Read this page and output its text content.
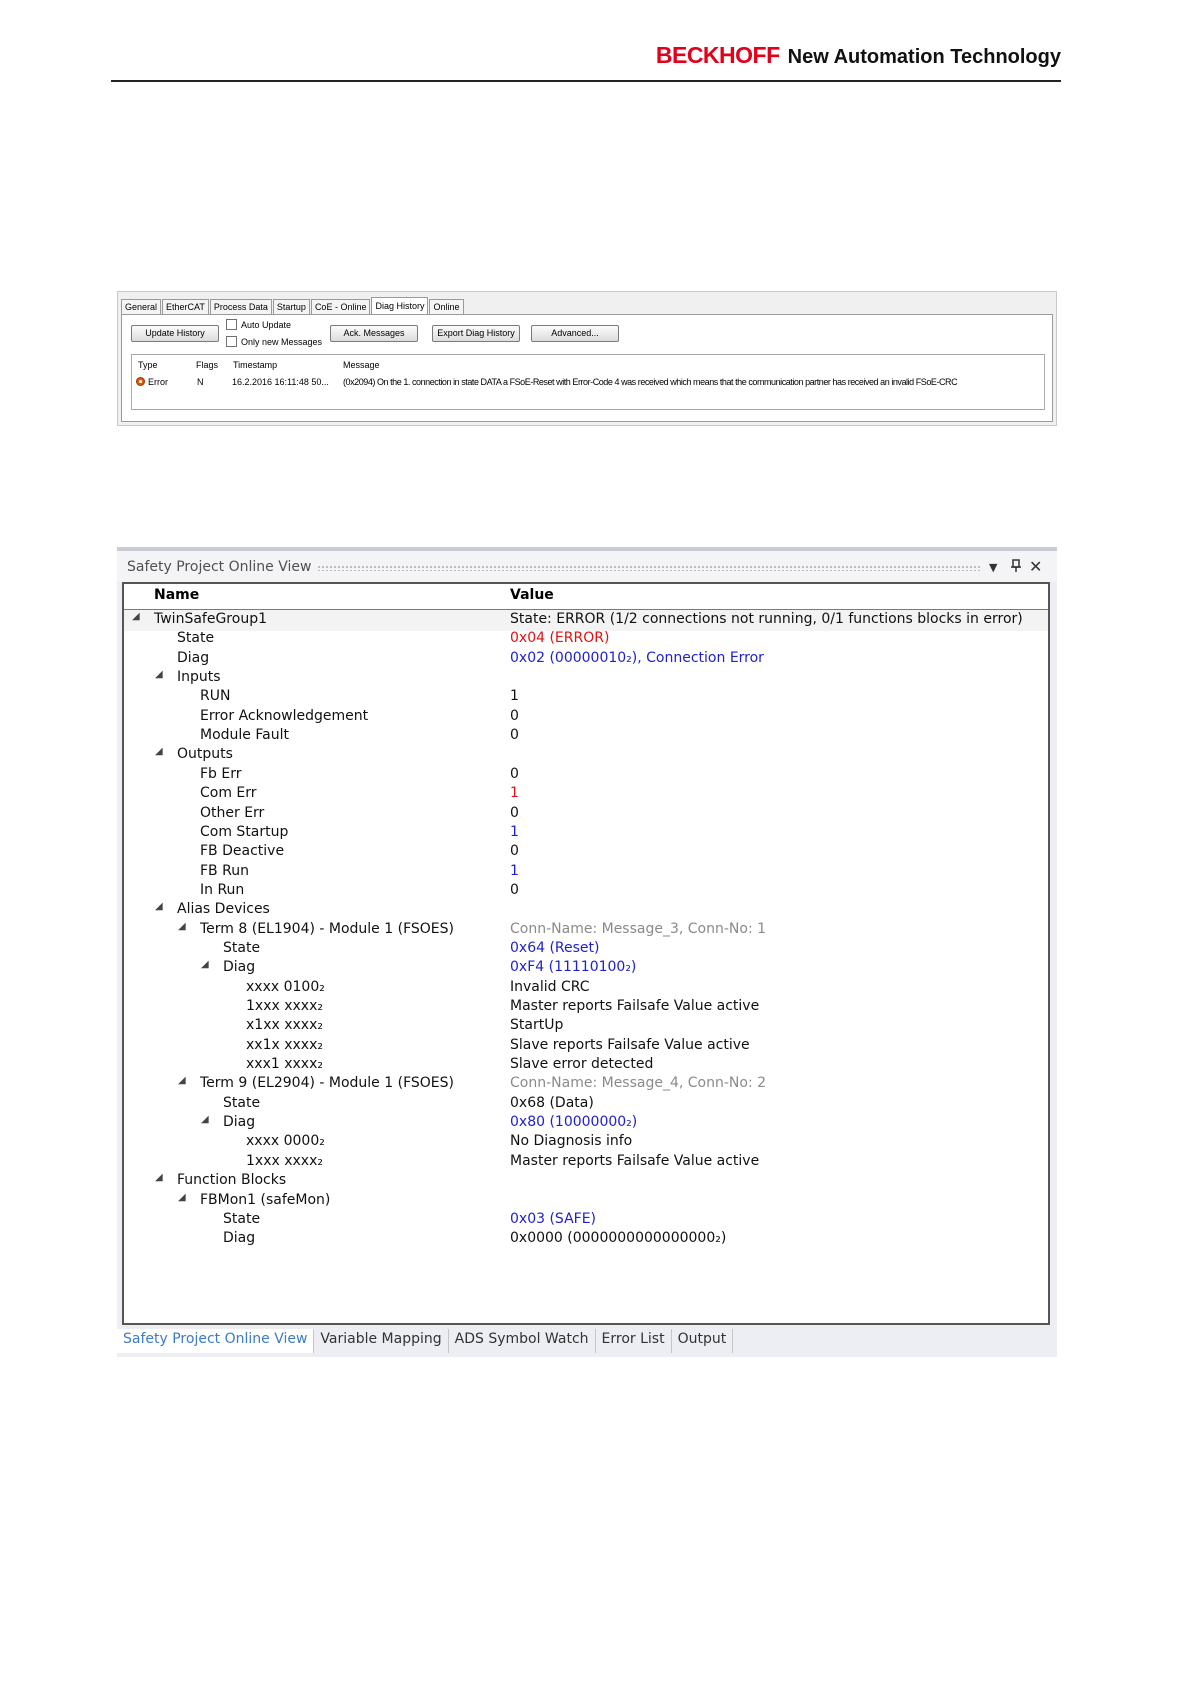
BECKHOFF New Automation Technology
General	EtherCAT	Process Data	Startup	CoE - Online	Diag History	Online
Update History
Auto Update
Only new Messages
Ack. Messages	Export Diag History	Advanced...
Type	Flags Timestamp	Message
Error	N	16.2.2016 16:11:48 50... (0x2094) On the 1. connection in state DATA a FSoE-Reset with Error-Code 4 was received which means that the communication partner has received an invalid FSoE-CRC
Safety Project Online View	▼ ✕
Name	Value
◢ TwinSafeGroup1	State: ERROR (1/2 connections not running, 0/1 functions blocks in error)
State	0x04 (ERROR)
Diag	0x02 (00000010₂), Connection Error
◢ Inputs
RUN	1
Error Acknowledgement	0
Module Fault	0
◢ Outputs
Fb Err	0
Com Err	1
Other Err	0
Com Startup	1
FB Deactive	0
FB Run	1
In Run	0
◢ Alias Devices
◢ Term 8 (EL1904) - Module 1 (FSOES)	Conn-Name: Message_3, Conn-No: 1
State	0x64 (Reset)
◢ Diag	0xF4 (11110100₂)
xxxx 0100₂	Invalid CRC
1xxx xxxx₂	Master reports Failsafe Value active
x1xx xxxx₂	StartUp
xx1x xxxx₂	Slave reports Failsafe Value active
xxx1 xxxx₂	Slave error detected
◢ Term 9 (EL2904) - Module 1 (FSOES)	Conn-Name: Message_4, Conn-No: 2
State	0x68 (Data)
◢ Diag	0x80 (10000000₂)
xxxx 0000₂	No Diagnosis info
1xxx xxxx₂	Master reports Failsafe Value active
◢ Function Blocks
◢ FBMon1 (safeMon)
State	0x03 (SAFE)
Diag	0x0000 (0000000000000000₂)
Safety Project Online View Variable Mapping ADS Symbol Watch Error List Output
